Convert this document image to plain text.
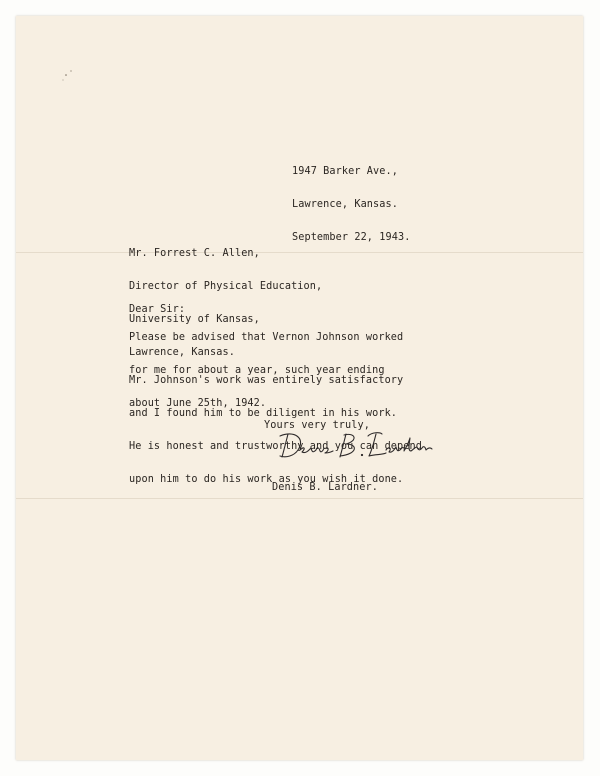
1947 Barker Ave.,

Lawrence, Kansas.

September 22, 1943.

Mr. Forrest C. Allen,

Director of Physical Education,

University of Kansas,

Lawrence, Kansas.

Dear Sir:

Please be advised that Vernon Johnson worked

for me for about a year, such year ending

about June 25th, 1942.

Mr. Johnson's work was entirely satisfactory

and I found him to be diligent in his work.

He is honest and trustworthy and you can depend

upon him to do his work as you wish it done.

Yours very truly,

Denis B. Lardner.
